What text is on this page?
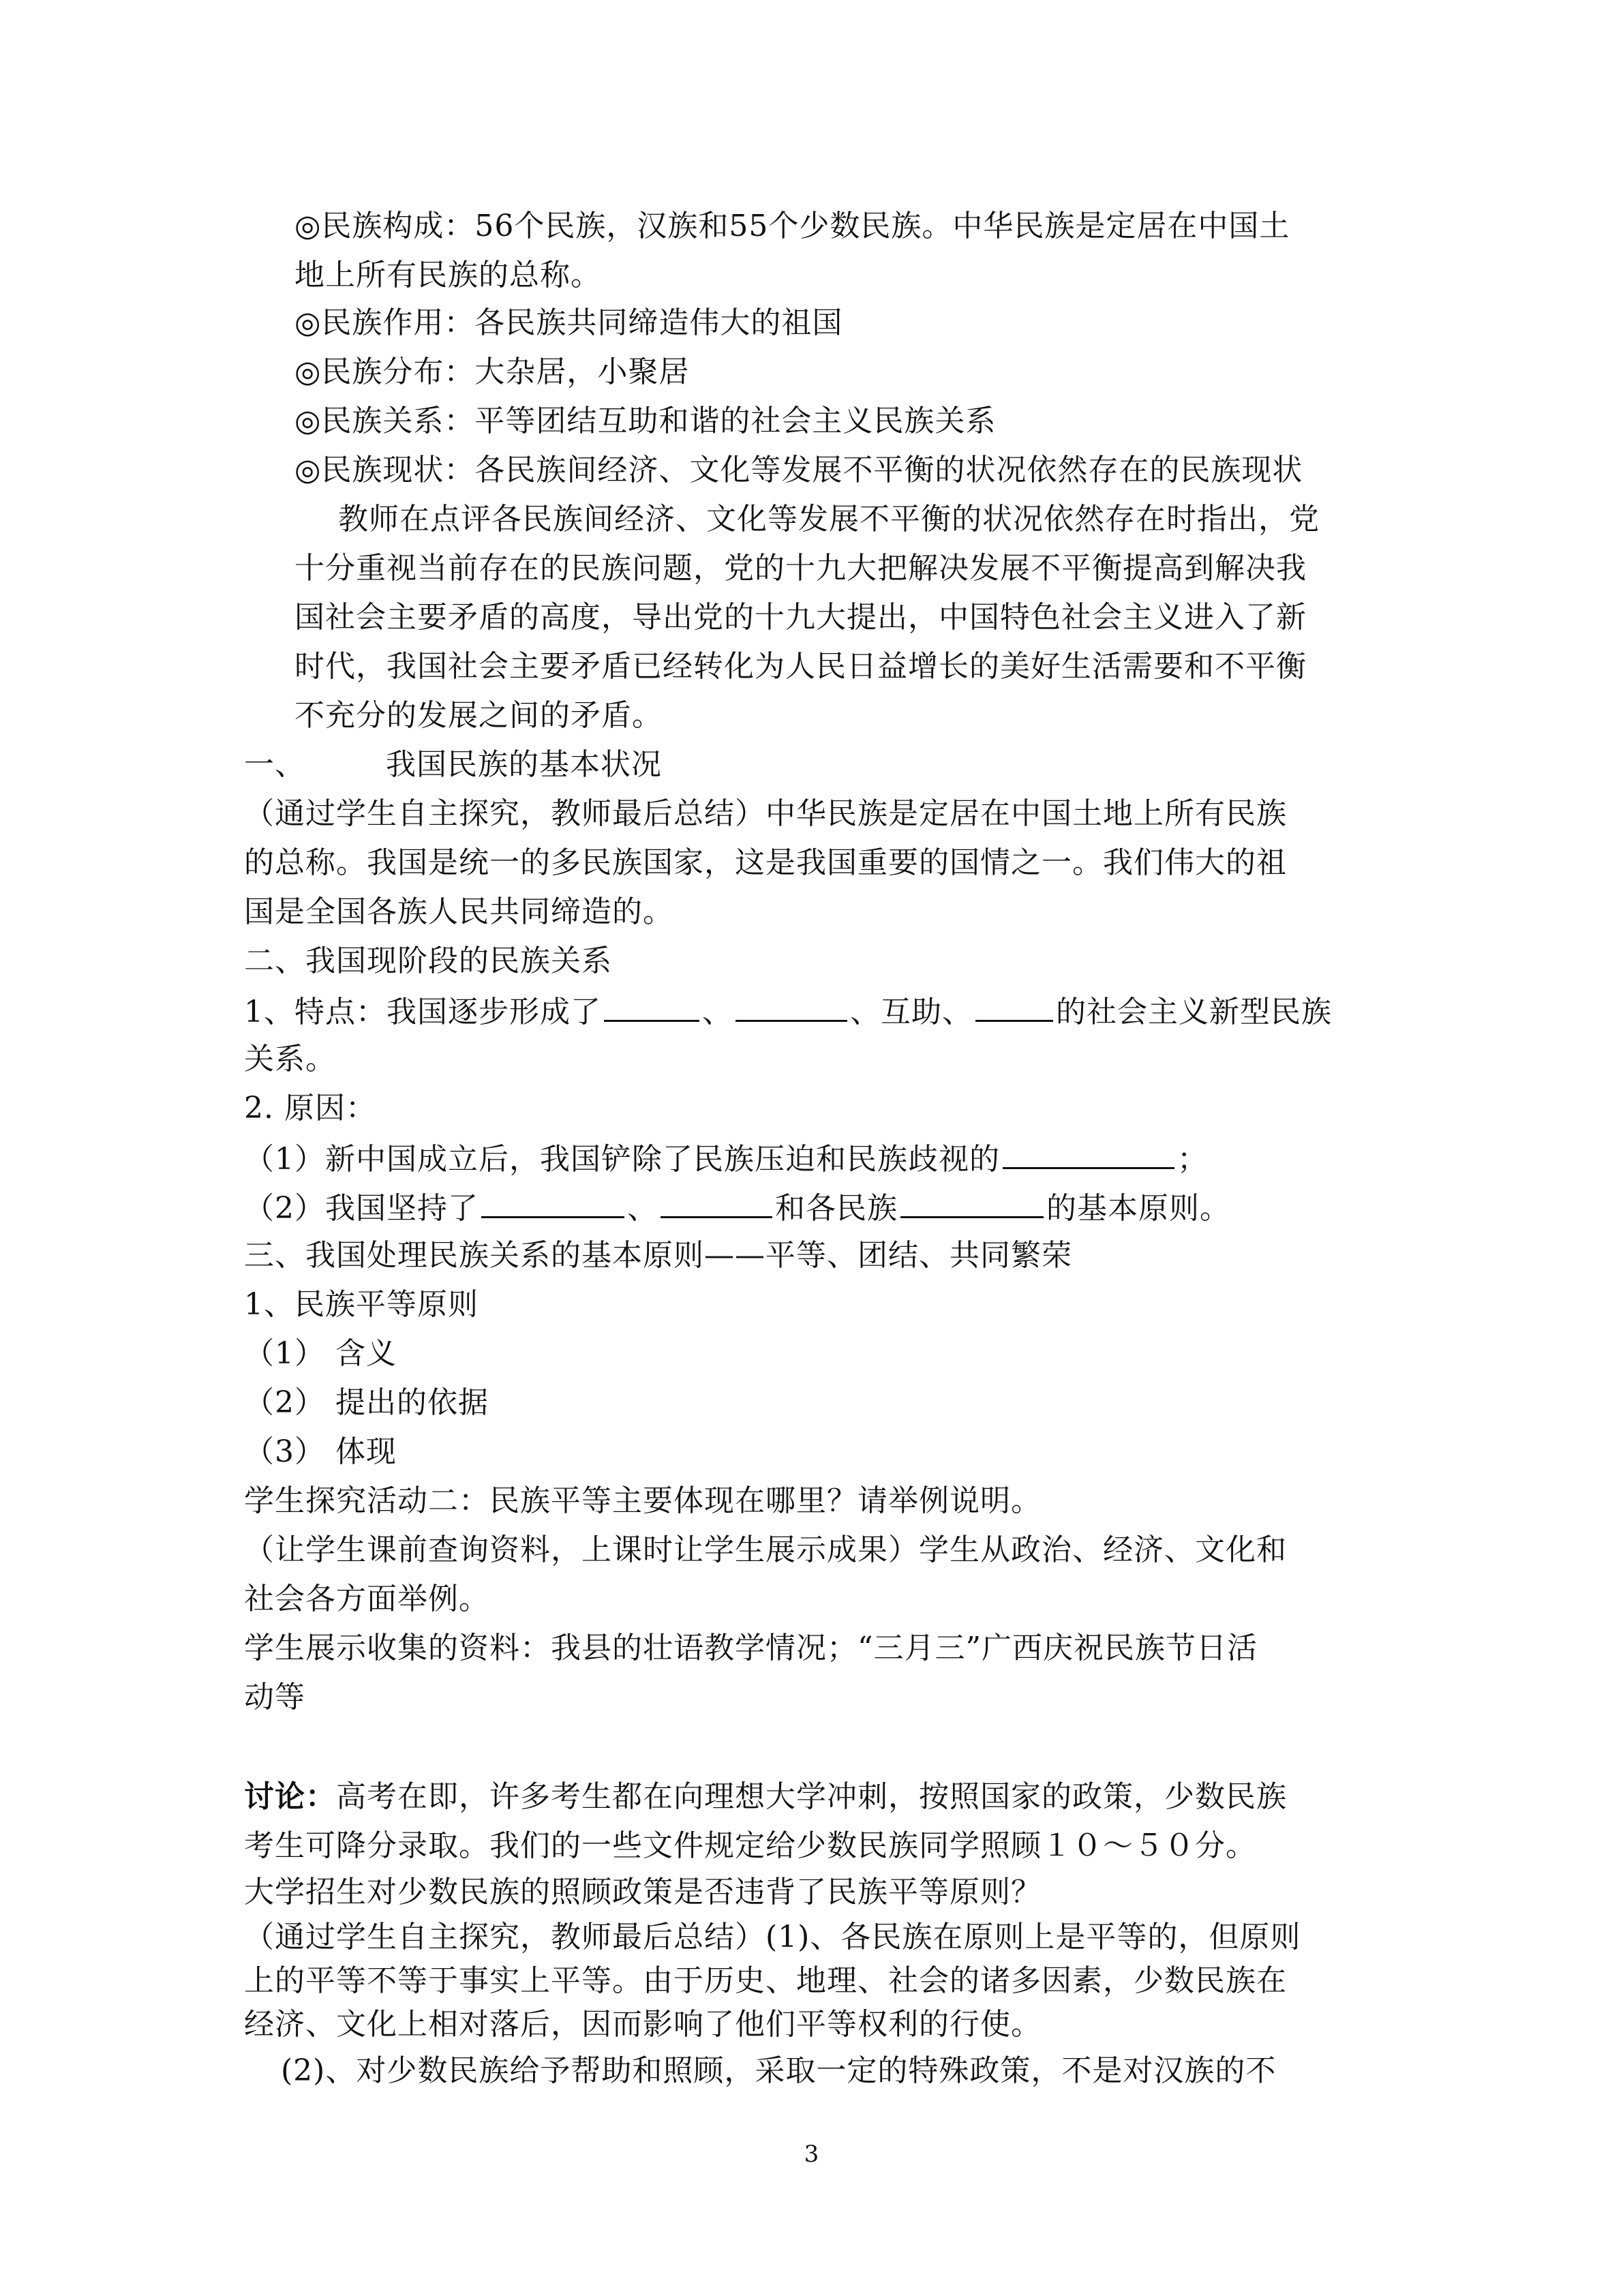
◎民族构成：56个民族，汉族和55个少数民族。中华民族是定居在中国土
地上所有民族的总称。
◎民族作用：各民族共同缔造伟大的祖国
◎民族分布：大杂居，小聚居
◎民族关系：平等团结互助和谐的社会主义民族关系
◎民族现状：各民族间经济、文化等发展不平衡的状况依然存在的民族现状
教师在点评各民族间经济、文化等发展不平衡的状况依然存在时指出，党
十分重视当前存在的民族问题，党的十九大把解决发展不平衡提高到解决我
国社会主要矛盾的高度，导出党的十九大提出，中国特色社会主义进入了新
时代，我国社会主要矛盾已经转化为人民日益增长的美好生活需要和不平衡
不充分的发展之间的矛盾。
一、	我国民族的基本状况
（通过学生自主探究，教师最后总结）中华民族是定居在中国土地上所有民族
的总称。我国是统一的多民族国家，这是我国重要的国情之一。我们伟大的祖
国是全国各族人民共同缔造的。
二、我国现阶段的民族关系
1、特点：我国逐步形成了	、	、互助、	的社会主义新型民族
关系。
2. 原因：
（1）新中国成立后，我国铲除了民族压迫和民族歧视的	；
（2）我国坚持了	、	和各民族	的基本原则。
三、我国处理民族关系的基本原则——平等、团结、共同繁荣
1、民族平等原则
（1） 含义
（2） 提出的依据
（3） 体现
学生探究活动二：民族平等主要体现在哪里？请举例说明。
（让学生课前查询资料，上课时让学生展示成果）学生从政治、经济、文化和
社会各方面举例。
学生展示收集的资料：我县的壮语教学情况；“三月三”广西庆祝民族节日活
动等
讨论：高考在即，许多考生都在向理想大学冲刺，按照国家的政策，少数民族
考生可降分录取。我们的一些文件规定给少数民族同学照顾１０～５０分。
大学招生对少数民族的照顾政策是否违背了民族平等原则？
（通过学生自主探究，教师最后总结）(1)、各民族在原则上是平等的，但原则
上的平等不等于事实上平等。由于历史、地理、社会的诸多因素，少数民族在
经济、文化上相对落后，因而影响了他们平等权利的行使。
(2)、对少数民族给予帮助和照顾，采取一定的特殊政策，不是对汉族的不
3
